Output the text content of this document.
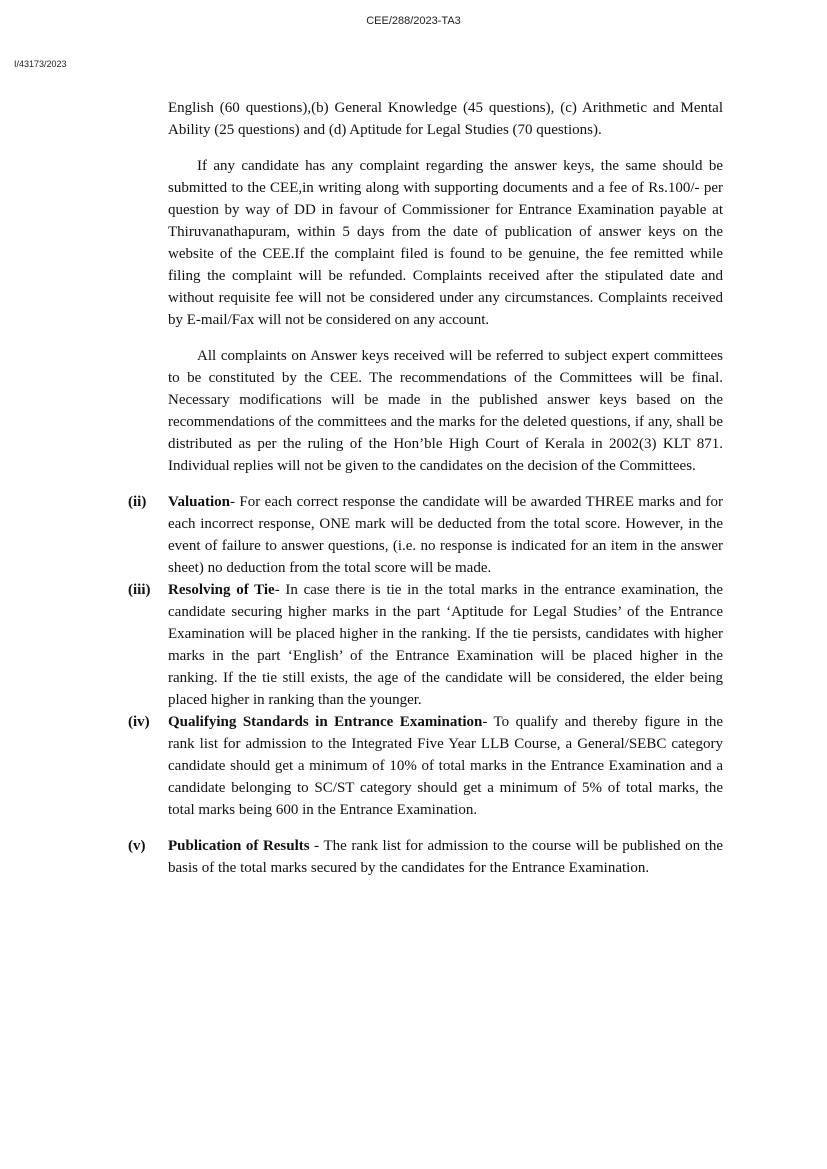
CEE/288/2023-TA3
I/43173/2023

English (60 questions),(b) General Knowledge (45 questions), (c) Arithmetic and Mental Ability (25 questions) and (d) Aptitude for Legal Studies (70 questions).

If any candidate has any complaint regarding the answer keys, the same should be submitted to the CEE,in writing along with supporting documents and a fee of Rs.100/- per question by way of DD in favour of Commissioner for Entrance Examination payable at Thiruvanathapuram, within 5 days from the date of publication of answer keys on the website of the CEE.If the complaint filed is found to be genuine, the fee remitted while filing the complaint will be refunded. Complaints received after the stipulated date and without requisite fee will not be considered under any circumstances. Complaints received by E-mail/Fax will not be considered on any account.

All complaints on Answer keys received will be referred to subject expert committees to be constituted by the CEE. The recommendations of the Committees will be final. Necessary modifications will be made in the published answer keys based on the recommendations of the committees and the marks for the deleted questions, if any, shall be distributed as per the ruling of the Hon’ble High Court of Kerala in 2002(3) KLT 871. Individual replies will not be given to the candidates on the decision of the Committees.

(ii) Valuation- For each correct response the candidate will be awarded THREE marks and for each incorrect response, ONE mark will be deducted from the total score. However, in the event of failure to answer questions, (i.e. no response is indicated for an item in the answer sheet) no deduction from the total score will be made.

(iii) Resolving of Tie- In case there is tie in the total marks in the entrance examination, the candidate securing higher marks in the part ‘Aptitude for Legal Studies’ of the Entrance Examination will be placed higher in the ranking. If the tie persists, candidates with higher marks in the part ‘English’ of the Entrance Examination will be placed higher in the ranking. If the tie still exists, the age of the candidate will be considered, the elder being placed higher in ranking than the younger.

(iv) Qualifying Standards in Entrance Examination- To qualify and thereby figure in the rank list for admission to the Integrated Five Year LLB Course, a General/SEBC category candidate should get a minimum of 10% of total marks in the Entrance Examination and a candidate belonging to SC/ST category should get a minimum of 5% of total marks, the total marks being 600 in the Entrance Examination.

(v) Publication of Results - The rank list for admission to the course will be published on the basis of the total marks secured by the candidates for the Entrance Examination.
